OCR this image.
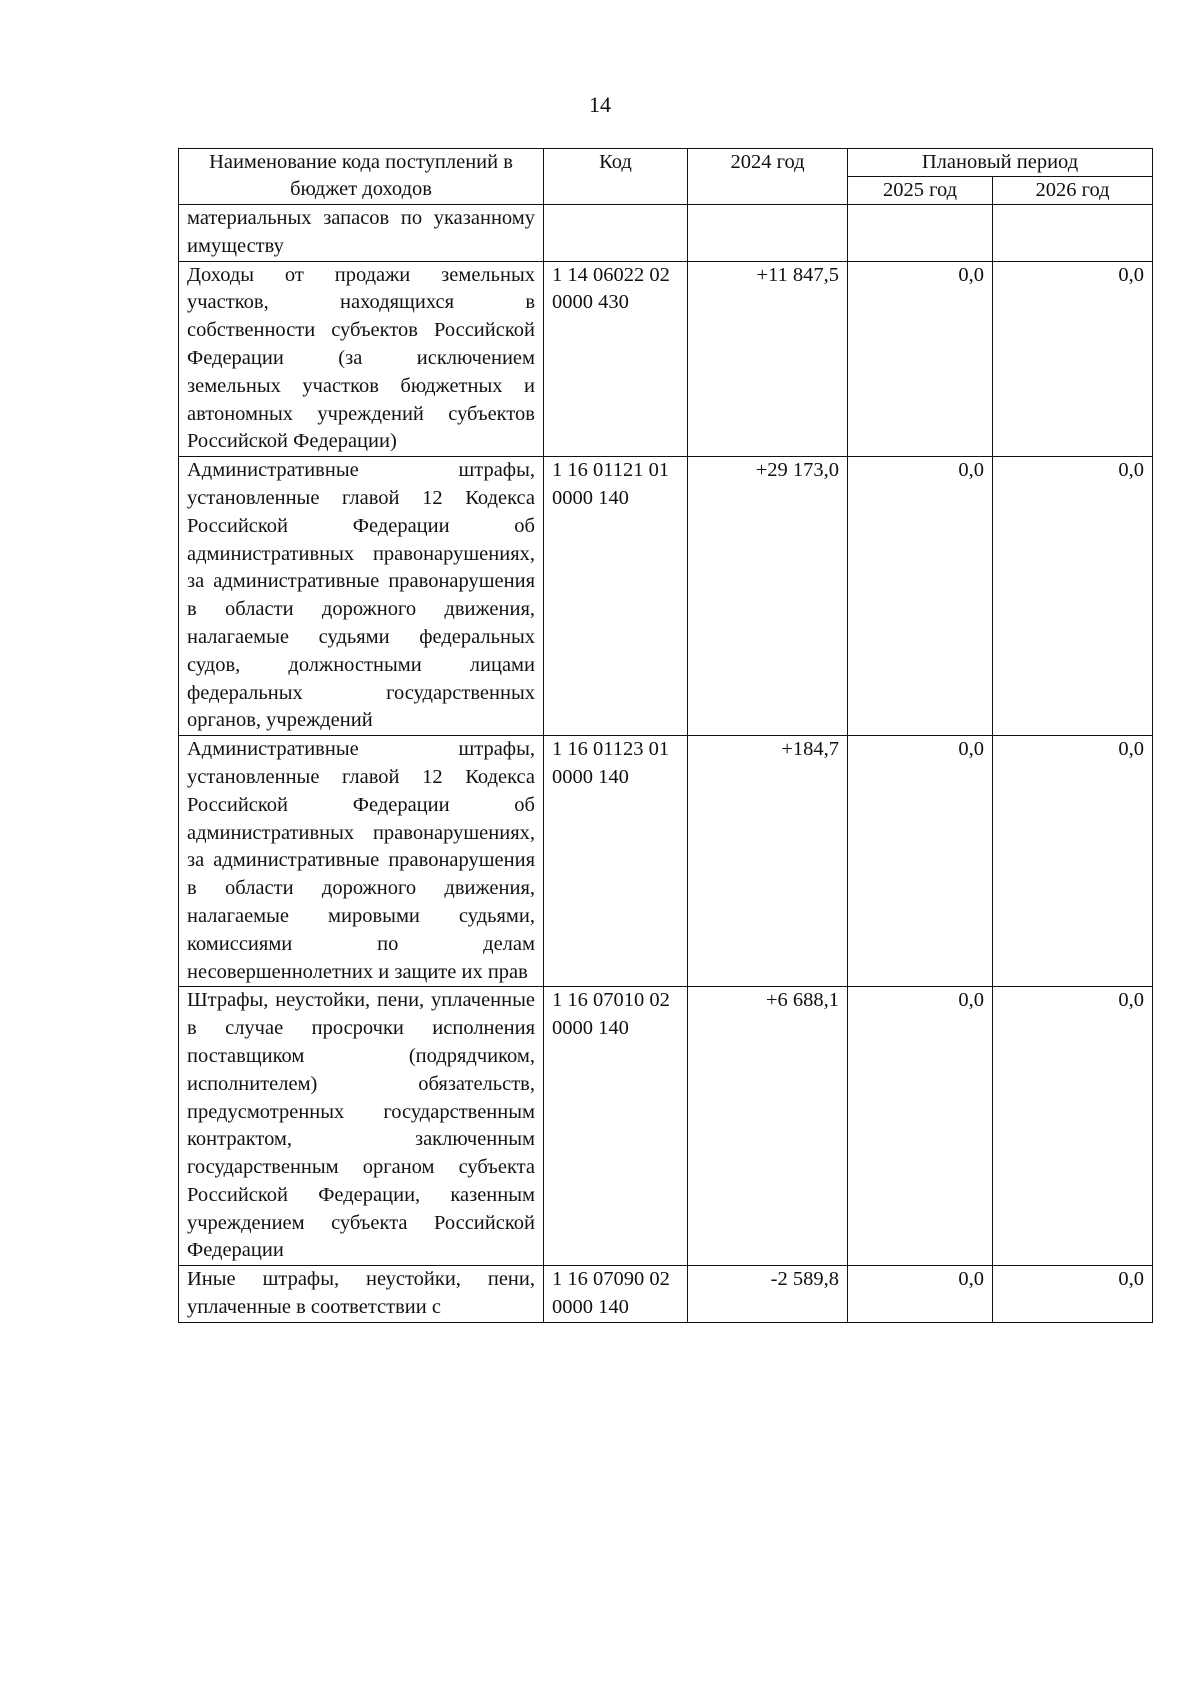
14
Наименование кода поступлений в бюджет доходов	Код	2024 год	Плановый период	
			2025 год	2026 год
материальных запасов по указанному имуществу				
Доходы от продажи земельных участков, находящихся в собственности субъектов Российской Федерации (за исключением земельных участков бюджетных и автономных учреждений субъектов Российской Федерации)	1 14 06022 02 0000 430	+11 847,5	0,0	0,0
Административные штрафы, установленные главой 12 Кодекса Российской Федерации об административных правонарушениях, за административные правонарушения в области дорожного движения, налагаемые судьями федеральных судов, должностными лицами федеральных государственных органов, учреждений	1 16 01121 01 0000 140	+29 173,0	0,0	0,0
Административные штрафы, установленные главой 12 Кодекса Российской Федерации об административных правонарушениях, за административные правонарушения в области дорожного движения, налагаемые мировыми судьями, комиссиями по делам несовершеннолетних и защите их прав	1 16 01123 01 0000 140	+184,7	0,0	0,0
Штрафы, неустойки, пени, уплаченные в случае просрочки исполнения поставщиком (подрядчиком, исполнителем) обязательств, предусмотренных государственным контрактом, заключенным государственным органом субъекта Российской Федерации, казенным учреждением субъекта Российской Федерации	1 16 07010 02 0000 140	+6 688,1	0,0	0,0
Иные штрафы, неустойки, пени, уплаченные в соответствии с	1 16 07090 02 0000 140	-2 589,8	0,0	0,0
